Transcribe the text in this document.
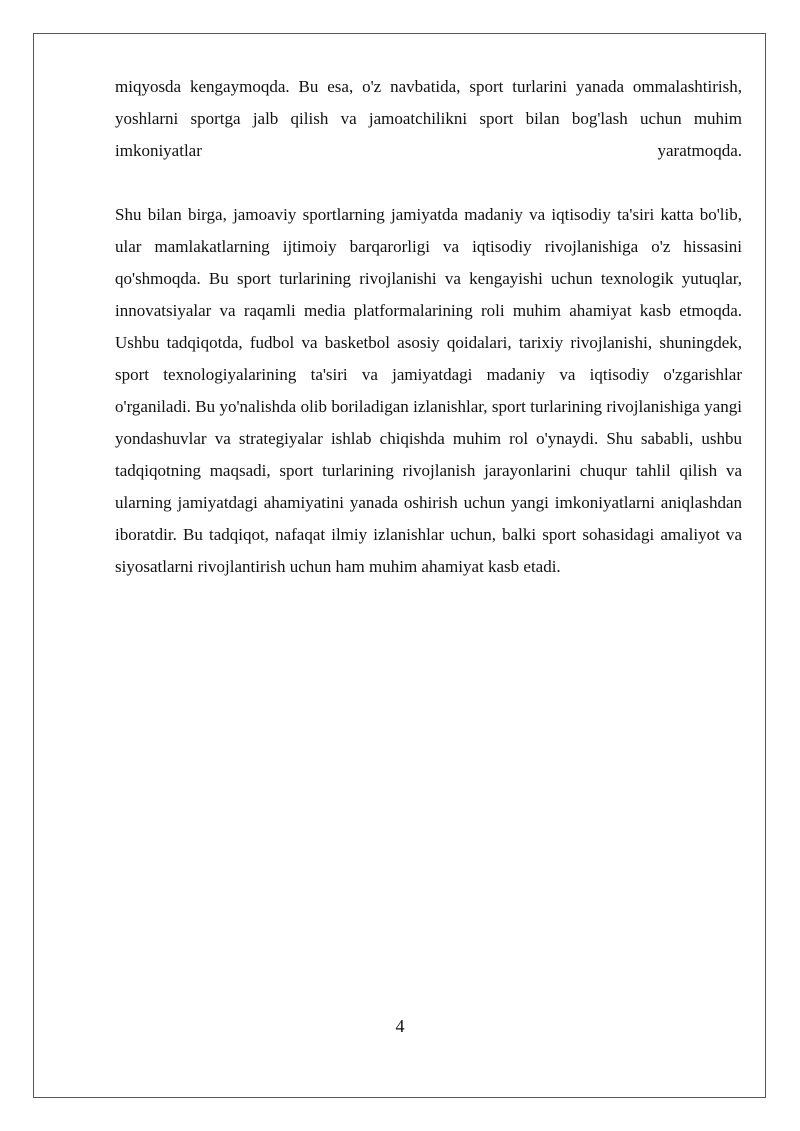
miqyosda kengaymoqda. Bu esa, o'z navbatida, sport turlarini yanada ommalashtirish, yoshlarni sportga jalb qilish va jamoatchilikni sport bilan bog'lash uchun muhim imkoniyatlar yaratmoqda.

Shu bilan birga, jamoaviy sportlarning jamiyatda madaniy va iqtisodiy ta'siri katta bo'lib, ular mamlakatlarning ijtimoiy barqarorligi va iqtisodiy rivojlanishiga o'z hissasini qo'shmoqda. Bu sport turlarining rivojlanishi va kengayishi uchun texnologik yutuqlar, innovatsiyalar va raqamli media platformalarining roli muhim ahamiyat kasb etmoqda. Ushbu tadqiqotda, fudbol va basketbol asosiy qoidalari, tarixiy rivojlanishi, shuningdek, sport texnologiyalarining ta'siri va jamiyatdagi madaniy va iqtisodiy o'zgarishlar o'rganiladi. Bu yo'nalishda olib boriladigan izlanishlar, sport turlarining rivojlanishiga yangi yondashuvlar va strategiyalar ishlab chiqishda muhim rol o'ynaydi. Shu sababli, ushbu tadqiqotning maqsadi, sport turlarining rivojlanish jarayonlarini chuqur tahlil qilish va ularning jamiyatdagi ahamiyatini yanada oshirish uchun yangi imkoniyatlarni aniqlashdan iboratdir. Bu tadqiqot, nafaqat ilmiy izlanishlar uchun, balki sport sohasidagi amaliyot va siyosatlarni rivojlantirish uchun ham muhim ahamiyat kasb etadi.

4
